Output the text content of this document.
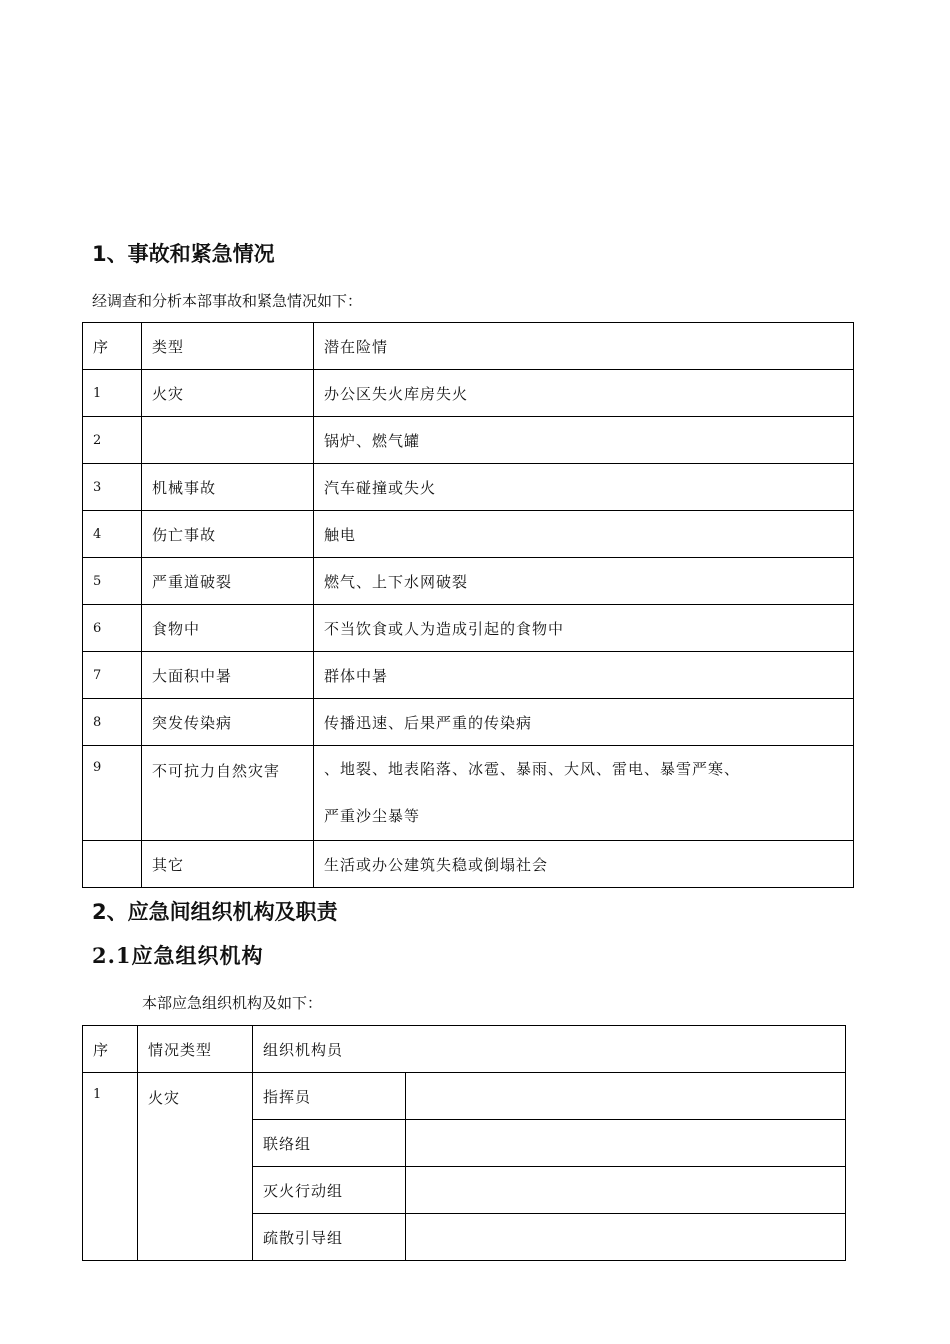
1、事故和紧急情况

经调查和分析本部事故和紧急情况如下：

序	类型	潜在险情
1	火灾	办公区失火库房失火
2		锅炉、燃气罐
3	机械事故	汽车碰撞或失火
4	伤亡事故	触电
5	严重道破裂	燃气、上下水网破裂
6	食物中	不当饮食或人为造成引起的食物中
7	大面积中暑	群体中暑
8	突发传染病	传播迅速、后果严重的传染病
9	不可抗力自然灾害	、地裂、地表陷落、冰雹、暴雨、大风、雷电、暴雪严寒、
严重沙尘暴等

	其它	生活或办公建筑失稳或倒塌社会
2、应急间组织机构及职责
2.1应急组织机构

本部应急组织机构及如下：

序	情况类型	组织机构员	
1	火灾	指挥员	
		联络组	
		灭火行动组	
		疏散引导组	
